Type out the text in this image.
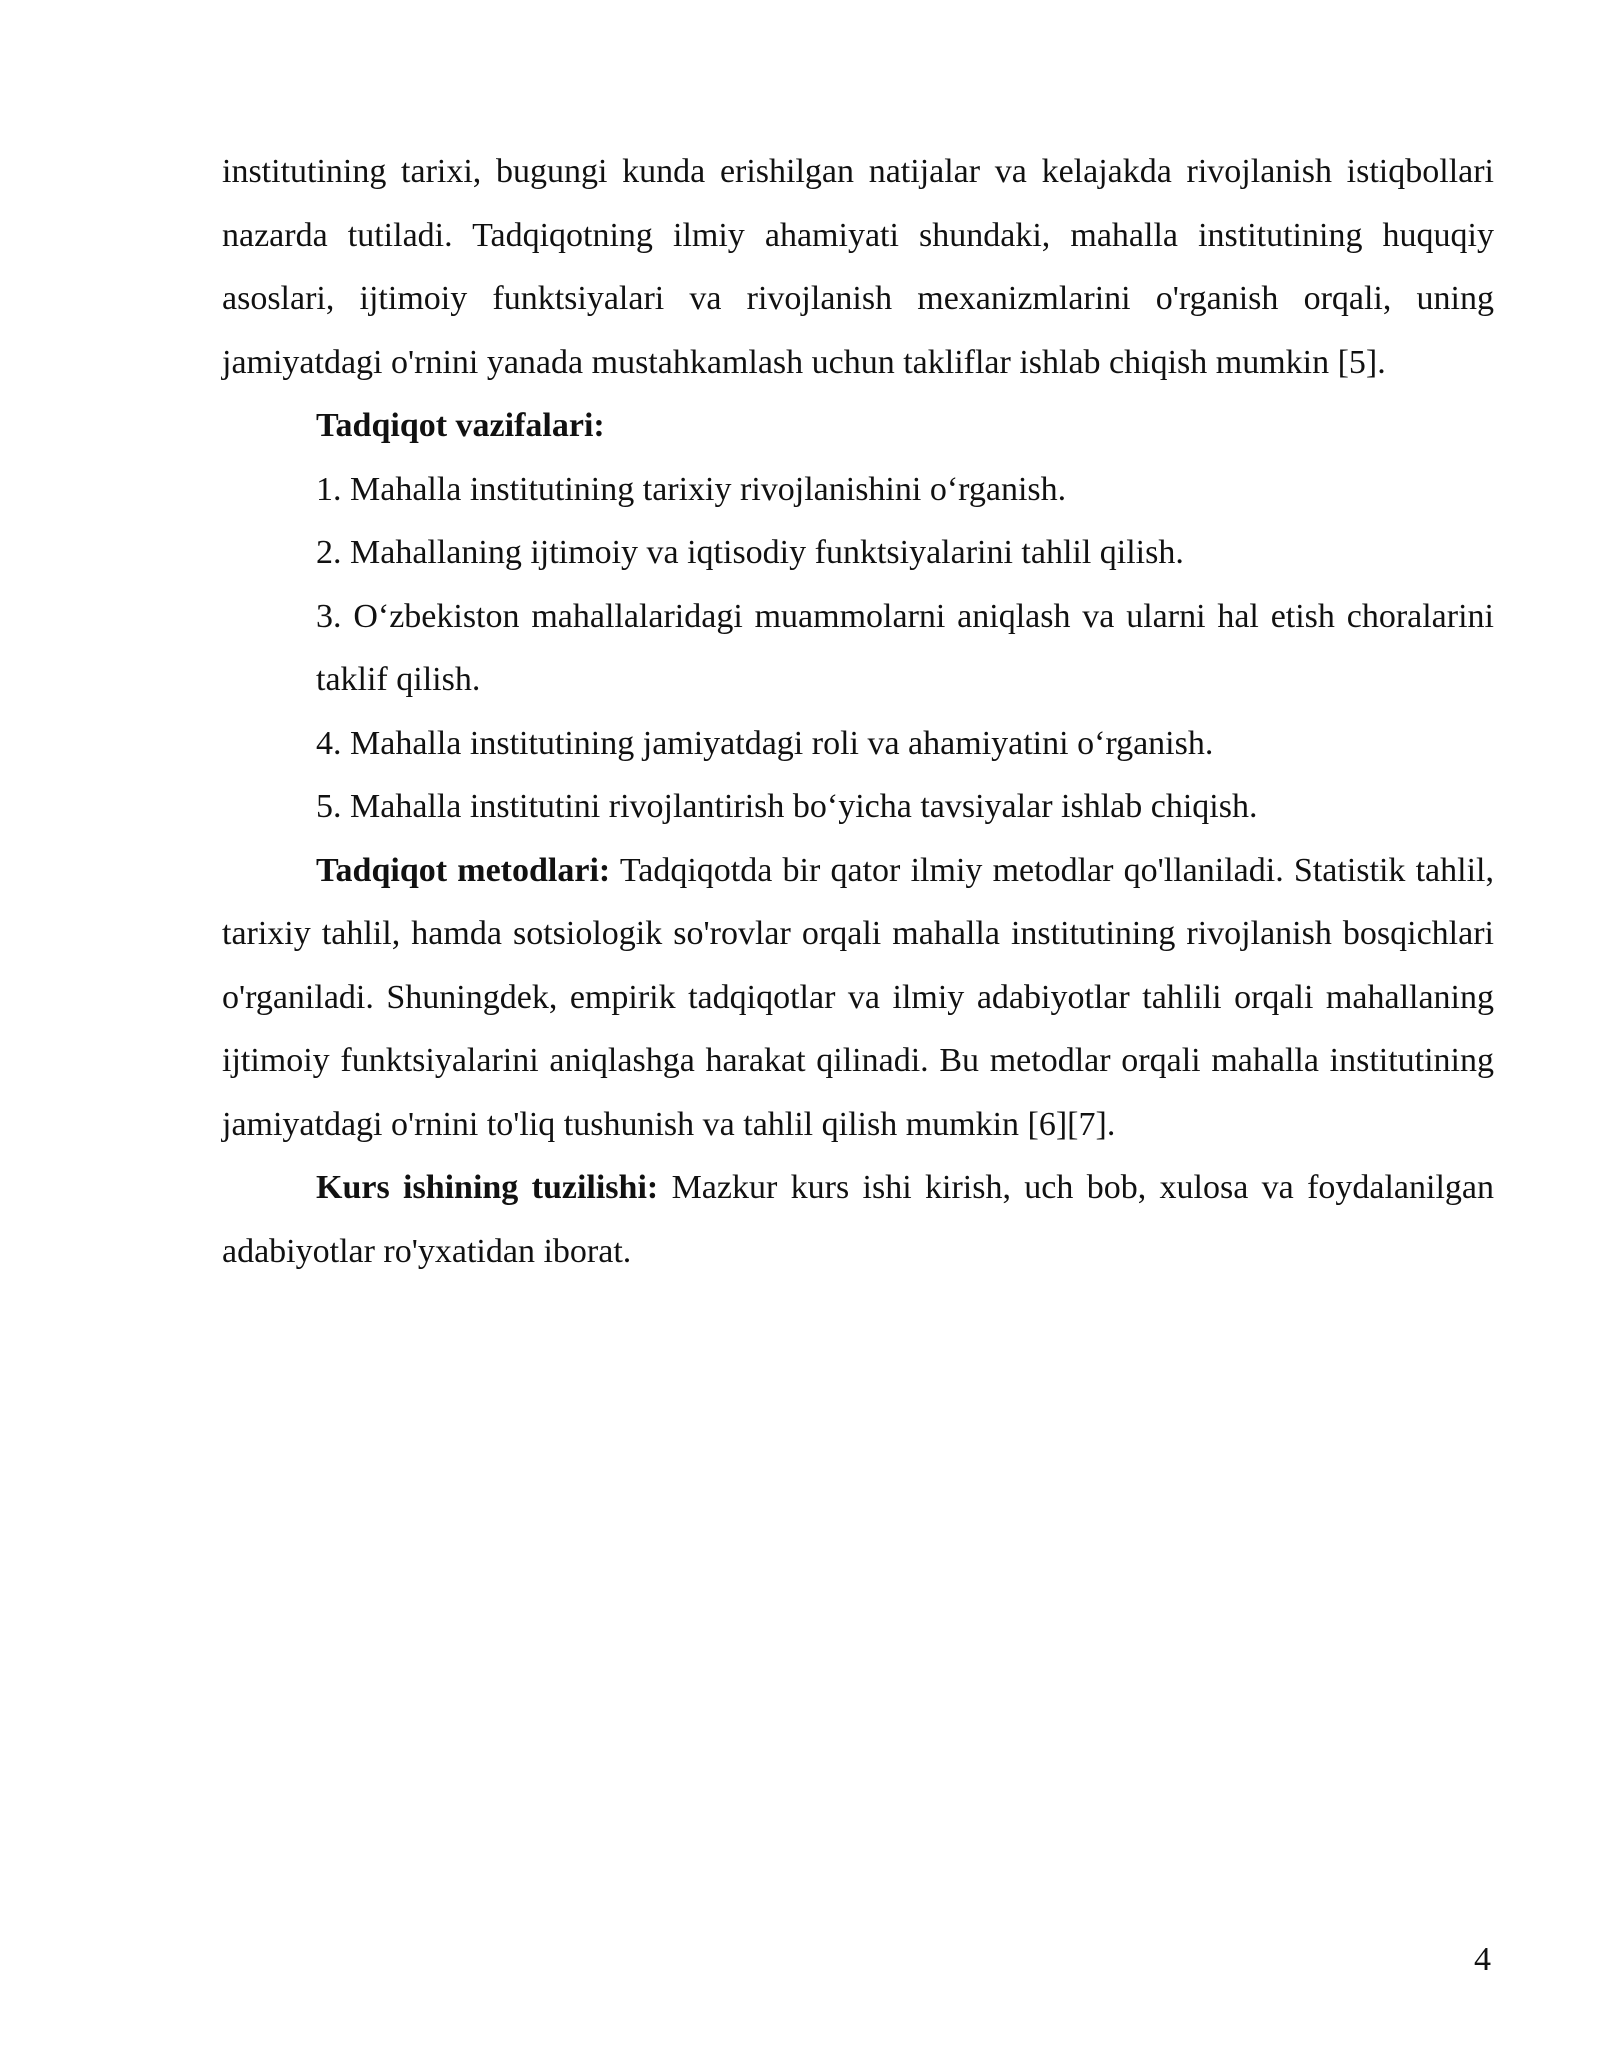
institutining tarixi, bugungi kunda erishilgan natijalar va kelajakda rivojlanish istiqbollari nazarda tutiladi. Tadqiqotning ilmiy ahamiyati shundaki, mahalla institutining huquqiy asoslari, ijtimoiy funktsiyalari va rivojlanish mexanizmlarini o'rganish orqali, uning jamiyatdagi o'rnini yanada mustahkamlash uchun takliflar ishlab chiqish mumkin [5].

Tadqiqot vazifalari:

1. Mahalla institutining tarixiy rivojlanishini o‘rganish.

2. Mahallaning ijtimoiy va iqtisodiy funktsiyalarini tahlil qilish.

3. O‘zbekiston mahallalaridagi muammolarni aniqlash va ularni hal etish choralarini taklif qilish.

4. Mahalla institutining jamiyatdagi roli va ahamiyatini o‘rganish.

5. Mahalla institutini rivojlantirish bo‘yicha tavsiyalar ishlab chiqish.

Tadqiqot metodlari: Tadqiqotda bir qator ilmiy metodlar qo'llaniladi. Statistik tahlil, tarixiy tahlil, hamda sotsiologik so'rovlar orqali mahalla institutining rivojlanish bosqichlari o'rganiladi. Shuningdek, empirik tadqiqotlar va ilmiy adabiyotlar tahlili orqali mahallaning ijtimoiy funktsiyalarini aniqlashga harakat qilinadi. Bu metodlar orqali mahalla institutining jamiyatdagi o'rnini to'liq tushunish va tahlil qilish mumkin [6][7].

Kurs ishining tuzilishi: Mazkur kurs ishi kirish, uch bob, xulosa va foydalanilgan adabiyotlar ro'yxatidan iborat.

4
